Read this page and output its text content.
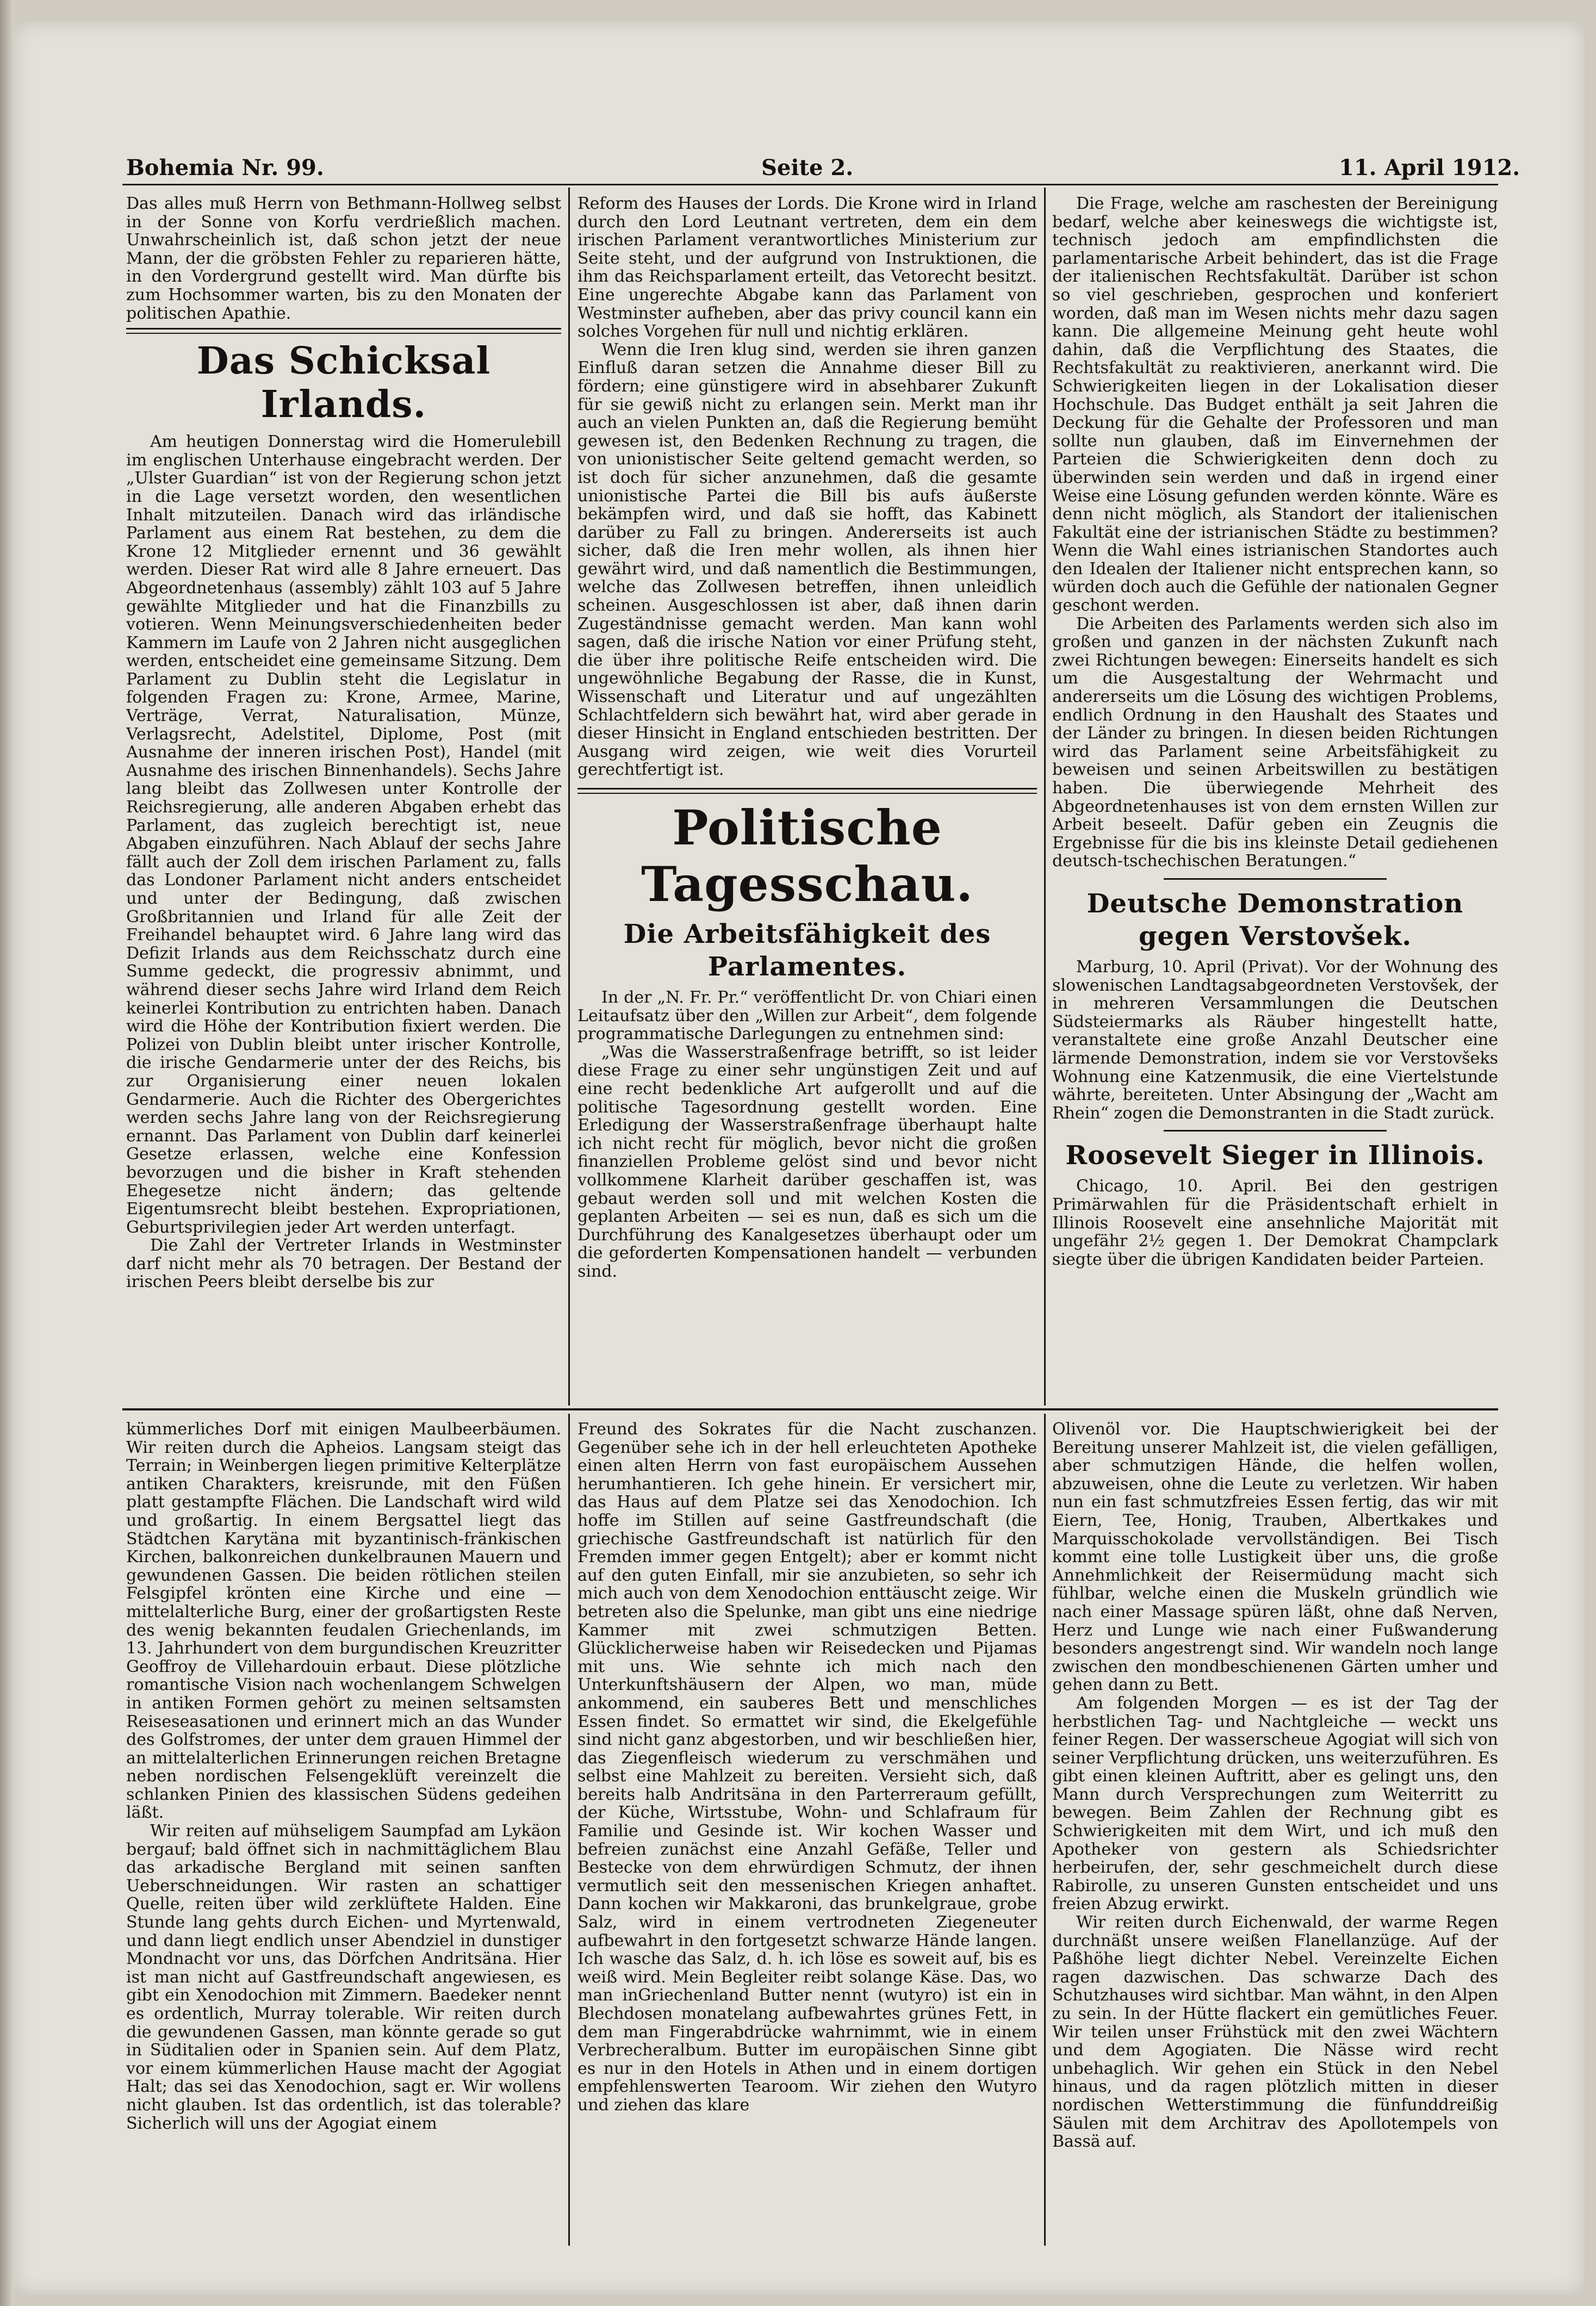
Bohemia Nr. 99.	Seite 2.	11. April 1912.

Das alles muß Herrn von Bethmann-Hollweg selbst in der Sonne von Korfu verdrießlich machen. Unwahrscheinlich ist, daß schon jetzt der neue Mann, der die gröbsten Fehler zu reparieren hätte, in den Vordergrund gestellt wird. Man dürfte bis zum Hochsommer warten, bis zu den Monaten der politischen Apathie.

Das Schicksal Irlands.

Am heutigen Donnerstag wird die Homerulebill im englischen Unterhause eingebracht werden. Der „Ulster Guardian“ ist von der Regierung schon jetzt in die Lage versetzt worden, den wesentlichen Inhalt mitzuteilen. Danach wird das irländische Parlament aus einem Rat bestehen, zu dem die Krone 12 Mitglieder ernennt und 36 gewählt werden. Dieser Rat wird alle 8 Jahre erneuert. Das Abgeordnetenhaus (assembly) zählt 103 auf 5 Jahre gewählte Mitglieder und hat die Finanzbills zu votieren. Wenn Meinungsverschiedenheiten beder Kammern im Laufe von 2 Jahren nicht ausgeglichen werden, entscheidet eine gemeinsame Sitzung. Dem Parlament zu Dublin steht die Legislatur in folgenden Fragen zu: Krone, Armee, Marine, Verträge, Verrat, Naturalisation, Münze, Verlagsrecht, Adelstitel, Diplome, Post (mit Ausnahme der inneren irischen Post), Handel (mit Ausnahme des irischen Binnenhandels). Sechs Jahre lang bleibt das Zollwesen unter Kontrolle der Reichsregierung, alle anderen Abgaben erhebt das Parlament, das zugleich berechtigt ist, neue Abgaben einzuführen. Nach Ablauf der sechs Jahre fällt auch der Zoll dem irischen Parlament zu, falls das Londoner Parlament nicht anders entscheidet und unter der Bedingung, daß zwischen Großbritannien und Irland für alle Zeit der Freihandel behauptet wird. 6 Jahre lang wird das Defizit Irlands aus dem Reichsschatz durch eine Summe gedeckt, die progressiv abnimmt, und während dieser sechs Jahre wird Irland dem Reich keinerlei Kontribution zu entrichten haben. Danach wird die Höhe der Kontribution fixiert werden. Die Polizei von Dublin bleibt unter irischer Kontrolle, die irische Gendarmerie unter der des Reichs, bis zur Organisierung einer neuen lokalen Gendarmerie. Auch die Richter des Obergerichtes werden sechs Jahre lang von der Reichsregierung ernannt. Das Parlament von Dublin darf keinerlei Gesetze erlassen, welche eine Konfession bevorzugen und die bisher in Kraft stehenden Ehegesetze nicht ändern; das geltende Eigentumsrecht bleibt bestehen. Expropriationen, Geburtsprivilegien jeder Art werden unterfagt.

Die Zahl der Vertreter Irlands in Westminster darf nicht mehr als 70 betragen. Der Bestand der irischen Peers bleibt derselbe bis zur

Reform des Hauses der Lords. Die Krone wird in Irland durch den Lord Leutnant vertreten, dem ein dem irischen Parlament verantwortliches Ministerium zur Seite steht, und der aufgrund von Instruktionen, die ihm das Reichsparlament erteilt, das Vetorecht besitzt. Eine ungerechte Abgabe kann das Parlament von Westminster aufheben, aber das privy council kann ein solches Vorgehen für null und nichtig erklären.

Wenn die Iren klug sind, werden sie ihren ganzen Einfluß daran setzen die Annahme dieser Bill zu fördern; eine günstigere wird in absehbarer Zukunft für sie gewiß nicht zu erlangen sein. Merkt man ihr auch an vielen Punkten an, daß die Regierung bemüht gewesen ist, den Bedenken Rechnung zu tragen, die von unionistischer Seite geltend gemacht werden, so ist doch für sicher anzunehmen, daß die gesamte unionistische Partei die Bill bis aufs äußerste bekämpfen wird, und daß sie hofft, das Kabinett darüber zu Fall zu bringen. Andererseits ist auch sicher, daß die Iren mehr wollen, als ihnen hier gewährt wird, und daß namentlich die Bestimmungen, welche das Zollwesen betreffen, ihnen unleidlich scheinen. Ausgeschlossen ist aber, daß ihnen darin Zugeständnisse gemacht werden. Man kann wohl sagen, daß die irische Nation vor einer Prüfung steht, die über ihre politische Reife entscheiden wird. Die ungewöhnliche Begabung der Rasse, die in Kunst, Wissenschaft und Literatur und auf ungezählten Schlachtfeldern sich bewährt hat, wird aber gerade in dieser Hinsicht in England entschieden bestritten. Der Ausgang wird zeigen, wie weit dies Vorurteil gerechtfertigt ist.

Politische Tagesschau.
Die Arbeitsfähigkeit des Parlamentes.

In der „N. Fr. Pr.“ veröffentlicht Dr. von Chiari einen Leitaufsatz über den „Willen zur Arbeit“, dem folgende programmatische Darlegungen zu entnehmen sind:

„Was die Wasserstraßenfrage betrifft, so ist leider diese Frage zu einer sehr ungünstigen Zeit und auf eine recht bedenkliche Art aufgerollt und auf die politische Tagesordnung gestellt worden. Eine Erledigung der Wasserstraßenfrage überhaupt halte ich nicht recht für möglich, bevor nicht die großen finanziellen Probleme gelöst sind und bevor nicht vollkommene Klarheit darüber geschaffen ist, was gebaut werden soll und mit welchen Kosten die geplanten Arbeiten — sei es nun, daß es sich um die Durchführung des Kanalgesetzes überhaupt oder um die geforderten Kompensationen handelt — verbunden sind.

Die Frage, welche am raschesten der Bereinigung bedarf, welche aber keineswegs die wichtigste ist, technisch jedoch am empfindlichsten die parlamentarische Arbeit behindert, das ist die Frage der italienischen Rechtsfakultät. Darüber ist schon so viel geschrieben, gesprochen und konferiert worden, daß man im Wesen nichts mehr dazu sagen kann. Die allgemeine Meinung geht heute wohl dahin, daß die Verpflichtung des Staates, die Rechtsfakultät zu reaktivieren, anerkannt wird. Die Schwierigkeiten liegen in der Lokalisation dieser Hochschule. Das Budget enthält ja seit Jahren die Deckung für die Gehalte der Professoren und man sollte nun glauben, daß im Einvernehmen der Parteien die Schwierigkeiten denn doch zu überwinden sein werden und daß in irgend einer Weise eine Lösung gefunden werden könnte. Wäre es denn nicht möglich, als Standort der italienischen Fakultät eine der istrianischen Städte zu bestimmen? Wenn die Wahl eines istrianischen Standortes auch den Idealen der Italiener nicht entsprechen kann, so würden doch auch die Gefühle der nationalen Gegner geschont werden.

Die Arbeiten des Parlaments werden sich also im großen und ganzen in der nächsten Zukunft nach zwei Richtungen bewegen: Einerseits handelt es sich um die Ausgestaltung der Wehrmacht und andererseits um die Lösung des wichtigen Problems, endlich Ordnung in den Haushalt des Staates und der Länder zu bringen. In diesen beiden Richtungen wird das Parlament seine Arbeitsfähigkeit zu beweisen und seinen Arbeitswillen zu bestätigen haben. Die überwiegende Mehrheit des Abgeordnetenhauses ist von dem ernsten Willen zur Arbeit beseelt. Dafür geben ein Zeugnis die Ergebnisse für die bis ins kleinste Detail gediehenen deutsch-tschechischen Beratungen.“

Deutsche Demonstration gegen Verstovšek.

Marburg, 10. April (Privat). Vor der Wohnung des slowenischen Landtagsabgeordneten Verstovšek, der in mehreren Versammlungen die Deutschen Südsteiermarks als Räuber hingestellt hatte, veranstaltete eine große Anzahl Deutscher eine lärmende Demonstration, indem sie vor Verstovšeks Wohnung eine Katzenmusik, die eine Viertelstunde währte, bereiteten. Unter Absingung der „Wacht am Rhein“ zogen die Demonstranten in die Stadt zurück.

Roosevelt Sieger in Illinois.

Chicago, 10. April. Bei den gestrigen Primärwahlen für die Präsidentschaft erhielt in Illinois Roosevelt eine ansehnliche Majorität mit ungefähr 2½ gegen 1. Der Demokrat Champclark siegte über die übrigen Kandidaten beider Parteien.

kümmerliches Dorf mit einigen Maulbeerbäumen. Wir reiten durch die Apheios. Langsam steigt das Terrain; in Weinbergen liegen primitive Kelterplätze antiken Charakters, kreisrunde, mit den Füßen platt gestampfte Flächen. Die Landschaft wird wild und großartig. In einem Bergsattel liegt das Städtchen Karytäna mit byzantinisch-fränkischen Kirchen, balkonreichen dunkelbraunen Mauern und gewundenen Gassen. Die beiden rötlichen steilen Felsgipfel krönten eine Kirche und eine — mittelalterliche Burg, einer der großartigsten Reste des wenig bekannten feudalen Griechenlands, im 13. Jahrhundert von dem burgundischen Kreuzritter Geoffroy de Villehardouin erbaut. Diese plötzliche romantische Vision nach wochenlangem Schwelgen in antiken Formen gehört zu meinen seltsamsten Reiseseasationen und erinnert mich an das Wunder des Golfstromes, der unter dem grauen Himmel der an mittelalterlichen Erinnerungen reichen Bretagne neben nordischen Felsengeklüft vereinzelt die schlanken Pinien des klassischen Südens gedeihen läßt.

Wir reiten auf mühseligem Saumpfad am Lykäon bergauf; bald öffnet sich in nachmittäglichem Blau das arkadische Bergland mit seinen sanften Ueberschneidungen. Wir rasten an schattiger Quelle, reiten über wild zerklüftete Halden. Eine Stunde lang gehts durch Eichen- und Myrtenwald, und dann liegt endlich unser Abendziel in dunstiger Mondnacht vor uns, das Dörfchen Andritsäna. Hier ist man nicht auf Gastfreundschaft angewiesen, es gibt ein Xenodochion mit Zimmern. Baedeker nennt es ordentlich, Murray tolerable. Wir reiten durch die gewundenen Gassen, man könnte gerade so gut in Süditalien oder in Spanien sein. Auf dem Platz, vor einem kümmerlichen Hause macht der Agogiat Halt; das sei das Xenodochion, sagt er. Wir wollens nicht glauben. Ist das ordentlich, ist das tolerable? Sicherlich will uns der Agogiat einem

Freund des Sokrates für die Nacht zuschanzen. Gegenüber sehe ich in der hell erleuchteten Apotheke einen alten Herrn von fast europäischem Aussehen herumhantieren. Ich gehe hinein. Er versichert mir, das Haus auf dem Platze sei das Xenodochion. Ich hoffe im Stillen auf seine Gastfreundschaft (die griechische Gastfreundschaft ist natürlich für den Fremden immer gegen Entgelt); aber er kommt nicht auf den guten Einfall, mir sie anzubieten, so sehr ich mich auch von dem Xenodochion enttäuscht zeige. Wir betreten also die Spelunke, man gibt uns eine niedrige Kammer mit zwei schmutzigen Betten. Glücklicherweise haben wir Reisedecken und Pijamas mit uns. Wie sehnte ich mich nach den Unterkunftshäusern der Alpen, wo man, müde ankommend, ein sauberes Bett und menschliches Essen findet. So ermattet wir sind, die Ekelgefühle sind nicht ganz abgestorben, und wir beschließen hier, das Ziegenfleisch wiederum zu verschmähen und selbst eine Mahlzeit zu bereiten. Versieht sich, daß bereits halb Andritsäna in den Parterreraum gefüllt, der Küche, Wirtsstube, Wohn- und Schlafraum für Familie und Gesinde ist. Wir kochen Wasser und befreien zunächst eine Anzahl Gefäße, Teller und Bestecke von dem ehrwürdigen Schmutz, der ihnen vermutlich seit den messenischen Kriegen anhaftet. Dann kochen wir Makkaroni, das brunkelgraue, grobe Salz, wird in einem vertrodneten Ziegeneuter aufbewahrt in den fortgesetzt schwarze Hände langen. Ich wasche das Salz, d. h. ich löse es soweit auf, bis es weiß wird. Mein Begleiter reibt solange Käse. Das, wo man inGriechenland Butter nennt (wutyro) ist ein in Blechdosen monatelang aufbewahrtes grünes Fett, in dem man Fingerabdrücke wahrnimmt, wie in einem Verbrecheralbum. Butter im europäischen Sinne gibt es nur in den Hotels in Athen und in einem dortigen empfehlenswerten Tearoom. Wir ziehen den Wutyro und ziehen das klare

Olivenöl vor. Die Hauptschwierigkeit bei der Bereitung unserer Mahlzeit ist, die vielen gefälligen, aber schmutzigen Hände, die helfen wollen, abzuweisen, ohne die Leute zu verletzen. Wir haben nun ein fast schmutzfreies Essen fertig, das wir mit Eiern, Tee, Honig, Trauben, Albertkakes und Marquisschokolade vervollständigen. Bei Tisch kommt eine tolle Lustigkeit über uns, die große Annehmlichkeit der Reisermüdung macht sich fühlbar, welche einen die Muskeln gründlich wie nach einer Massage spüren läßt, ohne daß Nerven, Herz und Lunge wie nach einer Fußwanderung besonders angestrengt sind. Wir wandeln noch lange zwischen den mondbeschienenen Gärten umher und gehen dann zu Bett.

Am folgenden Morgen — es ist der Tag der herbstlichen Tag- und Nachtgleiche — weckt uns feiner Regen. Der wasserscheue Agogiat will sich von seiner Verpflichtung drücken, uns weiterzuführen. Es gibt einen kleinen Auftritt, aber es gelingt uns, den Mann durch Versprechungen zum Weiterritt zu bewegen. Beim Zahlen der Rechnung gibt es Schwierigkeiten mit dem Wirt, und ich muß den Apotheker von gestern als Schiedsrichter herbeirufen, der, sehr geschmeichelt durch diese Rabirolle, zu unseren Gunsten entscheidet und uns freien Abzug erwirkt.

Wir reiten durch Eichenwald, der warme Regen durchnäßt unsere weißen Flanellanzüge. Auf der Paßhöhe liegt dichter Nebel. Vereinzelte Eichen ragen dazwischen. Das schwarze Dach des Schutzhauses wird sichtbar. Man wähnt, in den Alpen zu sein. In der Hütte flackert ein gemütliches Feuer. Wir teilen unser Frühstück mit den zwei Wächtern und dem Agogiaten. Die Nässe wird recht unbehaglich. Wir gehen ein Stück in den Nebel hinaus, und da ragen plötzlich mitten in dieser nordischen Wetterstimmung die fünfunddreißig Säulen mit dem Architrav des Apollotempels von Bassä auf.
